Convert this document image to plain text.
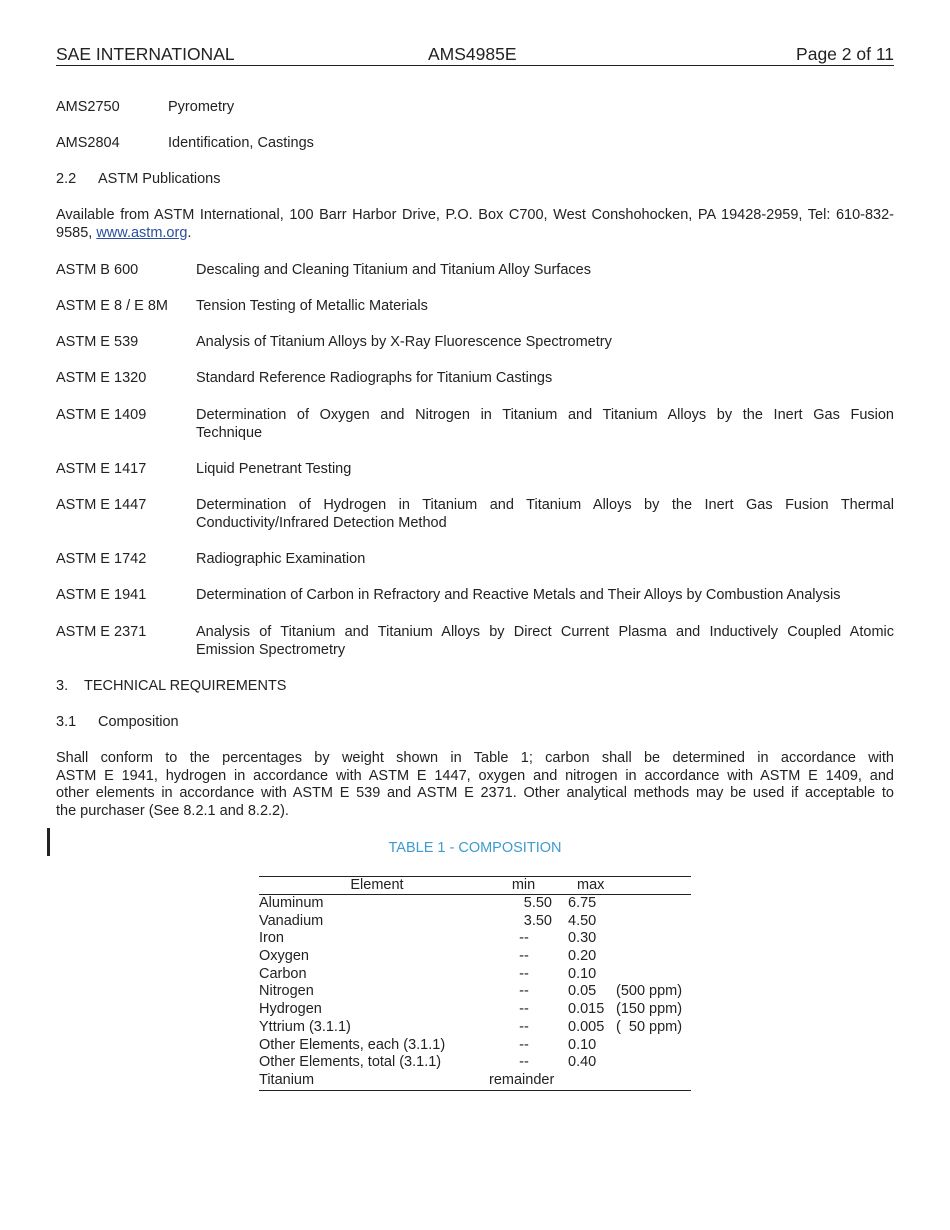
SAE INTERNATIONAL	AMS4985E	Page 2 of 11
AMS2750	Pyrometry
AMS2804	Identification, Castings
2.2 ASTM Publications
Available from ASTM International, 100 Barr Harbor Drive, P.O. Box C700, West Conshohocken, PA 19428-2959, Tel: 610-832-9585, www.astm.org.
ASTM B 600	Descaling and Cleaning Titanium and Titanium Alloy Surfaces
ASTM E 8 / E 8M Tension Testing of Metallic Materials
ASTM E 539	Analysis of Titanium Alloys by X-Ray Fluorescence Spectrometry
ASTM E 1320	Standard Reference Radiographs for Titanium Castings
ASTM E 1409	Determination of Oxygen and Nitrogen in Titanium and Titanium Alloys by the Inert Gas Fusion
Technique
ASTM E 1417	Liquid Penetrant Testing
ASTM E 1447	Determination of Hydrogen in Titanium and Titanium Alloys by the Inert Gas Fusion Thermal
Conductivity/Infrared Detection Method
ASTM E 1742	Radiographic Examination
ASTM E 1941	Determination of Carbon in Refractory and Reactive Metals and Their Alloys by Combustion Analysis
ASTM E 2371	Analysis of Titanium and Titanium Alloys by Direct Current Plasma and Inductively Coupled Atomic
Emission Spectrometry
3. TECHNICAL REQUIREMENTS
3.1 Composition
Shall conform to the percentages by weight shown in Table 1; carbon shall be determined in accordance with
ASTM E 1941, hydrogen in accordance with ASTM E 1447, oxygen and nitrogen in accordance with ASTM E 1409, and
other elements in accordance with ASTM E 539 and ASTM E 2371. Other analytical methods may be used if acceptable to
the purchaser (See 8.2.1 and 8.2.2).
TABLE 1 - COMPOSITION
Element	min	max
Aluminum	5.50 6.75
Vanadium	3.50 4.50
Iron	--	0.30
Oxygen	--	0.20
Carbon	--	0.10
Nitrogen	--	0.05 (500 ppm)
Hydrogen	--	0.015 (150 ppm)
Yttrium (3.1.1)	--	0.005 (  50 ppm)
Other Elements, each (3.1.1)	--	0.10
Other Elements, total (3.1.1)	--	0.40
Titanium	remainder
